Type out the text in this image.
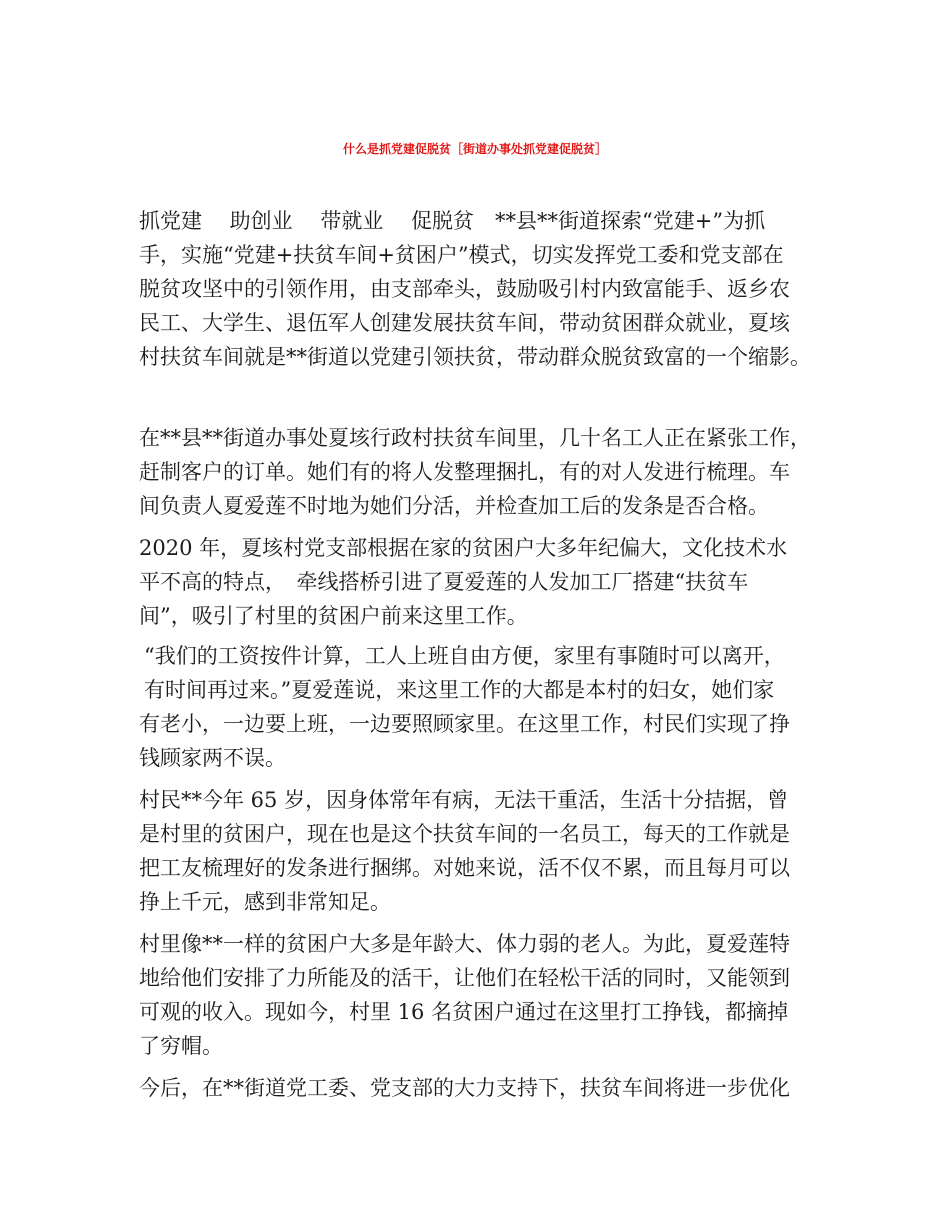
什么是抓党建促脱贫［街道办事处抓党建促脱贫］
抓党建　 助创业　 带就业　 促脱贫　**县**街道探索“党建+”为抓
手，实施“党建+扶贫车间+贫困户”模式，切实发挥党工委和党支部在
脱贫攻坚中的引领作用，由支部牵头，鼓励吸引村内致富能手、返乡农
民工、大学生、退伍军人创建发展扶贫车间，带动贫困群众就业，夏垓
村扶贫车间就是**街道以党建引领扶贫，带动群众脱贫致富的一个缩影。
在**县**街道办事处夏垓行政村扶贫车间里，几十名工人正在紧张工作，
赶制客户的订单。她们有的将人发整理捆扎，有的对人发进行梳理。车
间负责人夏爱莲不时地为她们分活，并检查加工后的发条是否合格。
2020 年，夏垓村党支部根据在家的贫困户大多年纪偏大，文化技术水
平不高的特点，　牵线搭桥引进了夏爱莲的人发加工厂搭建“扶贫车
间”，吸引了村里的贫困户前来这里工作。
“我们的工资按件计算，工人上班自由方便，家里有事随时可以离开，
有时间再过来。”夏爱莲说，来这里工作的大都是本村的妇女，她们家
有老小，一边要上班，一边要照顾家里。在这里工作，村民们实现了挣
钱顾家两不误。
村民**今年 65 岁，因身体常年有病，无法干重活，生活十分拮据，曾
是村里的贫困户，现在也是这个扶贫车间的一名员工，每天的工作就是
把工友梳理好的发条进行捆绑。对她来说，活不仅不累，而且每月可以
挣上千元，感到非常知足。
村里像**一样的贫困户大多是年龄大、体力弱的老人。为此，夏爱莲特
地给他们安排了力所能及的活干，让他们在轻松干活的同时，又能领到
可观的收入。现如今，村里 16 名贫困户通过在这里打工挣钱，都摘掉
了穷帽。
今后，在**街道党工委、党支部的大力支持下，扶贫车间将进一步优化
